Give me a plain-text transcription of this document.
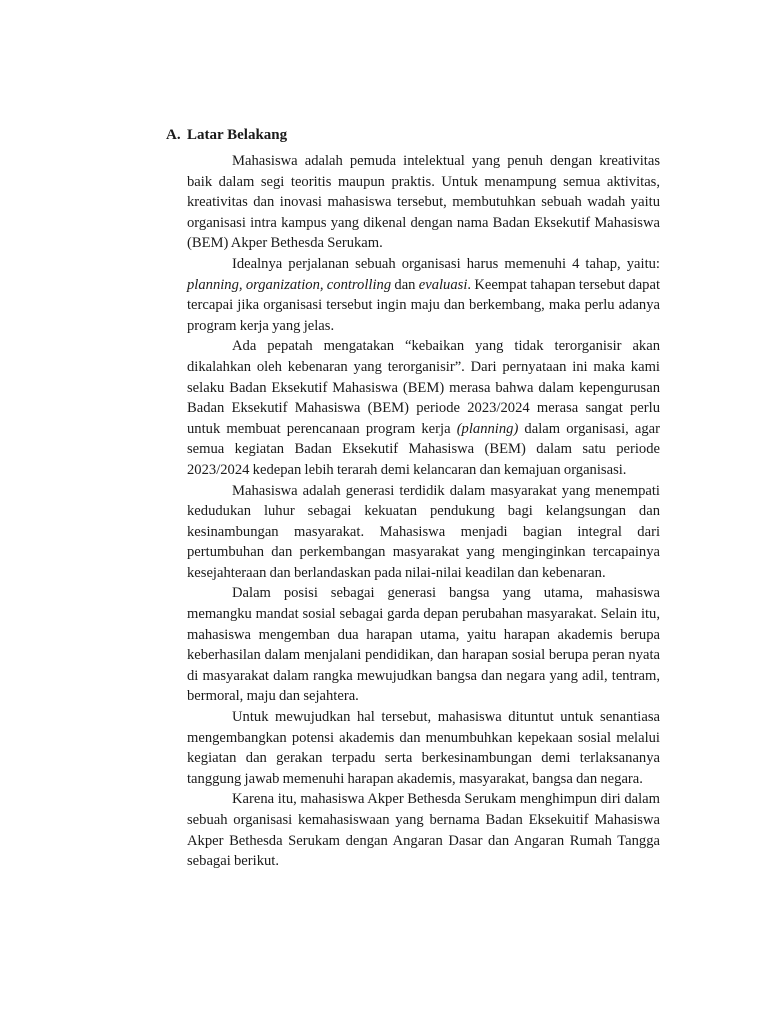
A. Latar Belakang

Mahasiswa adalah pemuda intelektual yang penuh dengan kreativitas baik dalam segi teoritis maupun praktis. Untuk menampung semua aktivitas, kreativitas dan inovasi mahasiswa tersebut, membutuhkan sebuah wadah yaitu organisasi intra kampus yang dikenal dengan nama Badan Eksekutif Mahasiswa (BEM) Akper Bethesda Serukam.

Idealnya perjalanan sebuah organisasi harus memenuhi 4 tahap, yaitu: planning, organization, controlling dan evaluasi. Keempat tahapan tersebut dapat tercapai jika organisasi tersebut ingin maju dan berkembang, maka perlu adanya program kerja yang jelas.

Ada pepatah mengatakan “kebaikan yang tidak terorganisir akan dikalahkan oleh kebenaran yang terorganisir”. Dari pernyataan ini maka kami selaku Badan Eksekutif Mahasiswa (BEM) merasa bahwa dalam kepengurusan Badan Eksekutif Mahasiswa (BEM) periode 2023/2024 merasa sangat perlu untuk membuat perencanaan program kerja (planning) dalam organisasi, agar semua kegiatan Badan Eksekutif Mahasiswa (BEM) dalam satu periode 2023/2024 kedepan lebih terarah demi kelancaran dan kemajuan organisasi.

Mahasiswa adalah generasi terdidik dalam masyarakat yang menempati kedudukan luhur sebagai kekuatan pendukung bagi kelangsungan dan kesinambungan masyarakat. Mahasiswa menjadi bagian integral dari pertumbuhan dan perkembangan masyarakat yang menginginkan tercapainya kesejahteraan dan berlandaskan pada nilai-nilai keadilan dan kebenaran.

Dalam posisi sebagai generasi bangsa yang utama, mahasiswa memangku mandat sosial sebagai garda depan perubahan masyarakat. Selain itu, mahasiswa mengemban dua harapan utama, yaitu harapan akademis berupa keberhasilan dalam menjalani pendidikan, dan harapan sosial berupa peran nyata di masyarakat dalam rangka mewujudkan bangsa dan negara yang adil, tentram, bermoral, maju dan sejahtera.

Untuk mewujudkan hal tersebut, mahasiswa dituntut untuk senantiasa mengembangkan potensi akademis dan menumbuhkan kepekaan sosial melalui kegiatan dan gerakan terpadu serta berkesinambungan demi terlaksananya tanggung jawab memenuhi harapan akademis, masyarakat, bangsa dan negara.

Karena itu, mahasiswa Akper Bethesda Serukam menghimpun diri dalam sebuah organisasi kemahasiswaan yang bernama Badan Eksekuitif Mahasiswa Akper Bethesda Serukam dengan Angaran Dasar dan Angaran Rumah Tangga sebagai berikut.
